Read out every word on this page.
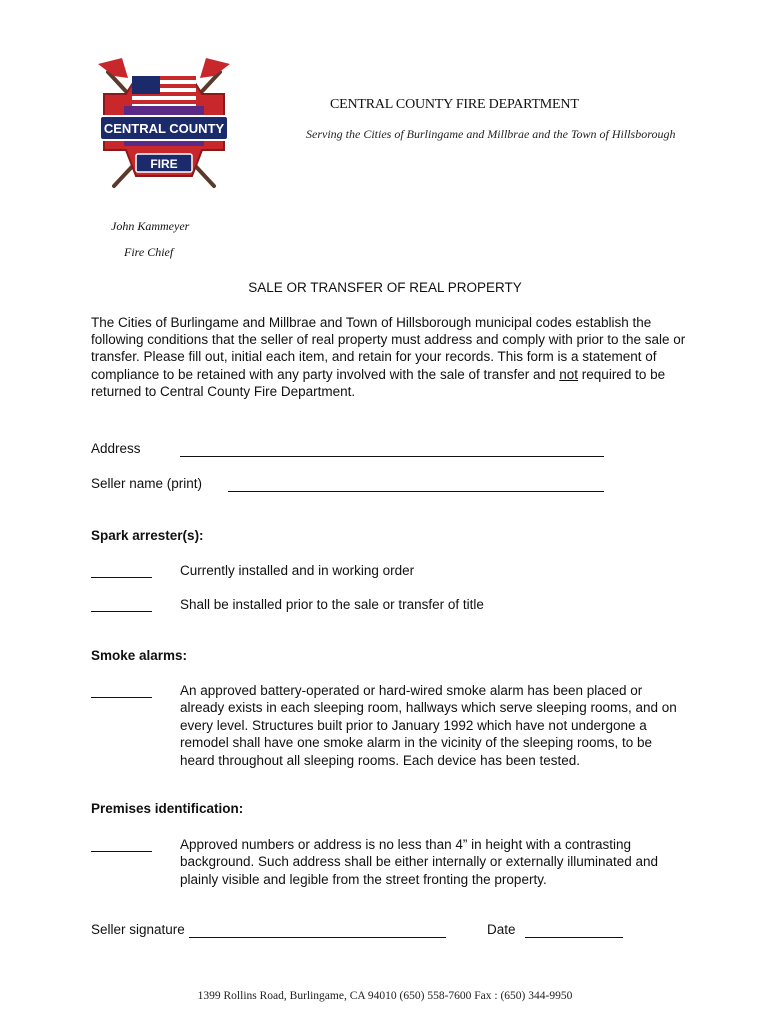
CENTRAL COUNTY
FIRE
CENTRAL COUNTY FIRE DEPARTMENT
Serving the Cities of Burlingame and Millbrae and the Town of Hillsborough
John Kammeyer
Fire Chief
SALE OR TRANSFER OF REAL PROPERTY
The Cities of Burlingame and Millbrae and Town of Hillsborough municipal codes establish the following conditions that the seller of real property must address and comply with prior to the sale or transfer. Please fill out, initial each item, and retain for your records. This form is a statement of compliance to be retained with any party involved with the sale of transfer and not required to be returned to Central County Fire Department.
Address
Seller name (print)
Spark arrester(s):
Currently installed and in working order
Shall be installed prior to the sale or transfer of title
Smoke alarms:
An approved battery-operated or hard-wired smoke alarm has been placed or already exists in each sleeping room, hallways which serve sleeping rooms, and on every level. Structures built prior to January 1992 which have not undergone a remodel shall have one smoke alarm in the vicinity of the sleeping rooms, to be heard throughout all sleeping rooms. Each device has been tested.
Premises identification:
Approved numbers or address is no less than 4” in height with a contrasting background. Such address shall be either internally or externally illuminated and plainly visible and legible from the street fronting the property.
Seller signature	Date
1399 Rollins Road, Burlingame, CA 94010 (650) 558-7600 Fax : (650) 344-9950
